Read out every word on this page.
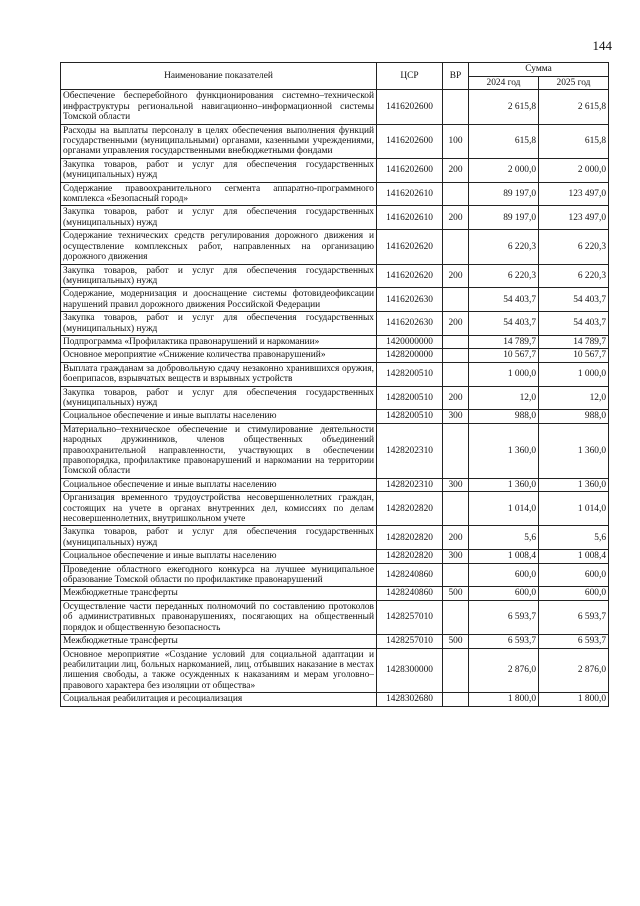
144
Наименование показателей	ЦСР	ВР	Сумма	
			2024 год	2025 год
Обеспечение бесперебойного функционирования системно–технической инфраструктуры региональной навигационно–информационной системы Томской области	1416202600		2 615,8	2 615,8
Расходы на выплаты персоналу в целях обеспечения выполнения функций государственными (муниципальными) органами, казенными учреждениями, органами управления государственными внебюджетными фондами	1416202600	100	615,8	615,8
Закупка товаров, работ и услуг для обеспечения государственных (муниципальных) нужд	1416202600	200	2 000,0	2 000,0
Содержание правоохранительного сегмента аппаратно-программного комплекса «Безопасный город»	1416202610		89 197,0	123 497,0
Закупка товаров, работ и услуг для обеспечения государственных (муниципальных) нужд	1416202610	200	89 197,0	123 497,0
Содержание технических средств регулирования дорожного движения и осуществление комплексных работ, направленных на организацию дорожного движения	1416202620		6 220,3	6 220,3
Закупка товаров, работ и услуг для обеспечения государственных (муниципальных) нужд	1416202620	200	6 220,3	6 220,3
Содержание, модернизация и дооснащение системы фотовидеофиксации нарушений правил дорожного движения Российской Федерации	1416202630		54 403,7	54 403,7
Закупка товаров, работ и услуг для обеспечения государственных (муниципальных) нужд	1416202630	200	54 403,7	54 403,7
Подпрограмма «Профилактика правонарушений и наркомании»	1420000000		14 789,7	14 789,7
Основное мероприятие «Снижение количества правонарушений»	1428200000		10 567,7	10 567,7
Выплата гражданам за добровольную сдачу незаконно хранившихся оружия, боеприпасов, взрывчатых веществ и взрывных устройств	1428200510		1 000,0	1 000,0
Закупка товаров, работ и услуг для обеспечения государственных (муниципальных) нужд	1428200510	200	12,0	12,0
Социальное обеспечение и иные выплаты населению	1428200510	300	988,0	988,0
Материально–техническое обеспечение и стимулирование деятельности народных дружинников, членов общественных объединений правоохранительной направленности, участвующих в обеспечении правопорядка, профилактике правонарушений и наркомании на территории Томской области	1428202310		1 360,0	1 360,0
Социальное обеспечение и иные выплаты населению	1428202310	300	1 360,0	1 360,0
Организация временного трудоустройства несовершеннолетних граждан, состоящих на учете в органах внутренних дел, комиссиях по делам несовершеннолетних, внутришкольном учете	1428202820		1 014,0	1 014,0
Закупка товаров, работ и услуг для обеспечения государственных (муниципальных) нужд	1428202820	200	5,6	5,6
Социальное обеспечение и иные выплаты населению	1428202820	300	1 008,4	1 008,4
Проведение областного ежегодного конкурса на лучшее муниципальное образование Томской области по профилактике правонарушений	1428240860		600,0	600,0
Межбюджетные трансферты	1428240860	500	600,0	600,0
Осуществление части переданных полномочий по составлению протоколов об административных правонарушениях, посягающих на общественный порядок и общественную безопасность	1428257010		6 593,7	6 593,7
Межбюджетные трансферты	1428257010	500	6 593,7	6 593,7
Основное мероприятие «Создание условий для социальной адаптации и реабилитации лиц, больных наркоманией, лиц, отбывших наказание в местах лишения свободы, а также осужденных к наказаниям и мерам уголовно–правового характера без изоляции от общества»	1428300000		2 876,0	2 876,0
Социальная реабилитация и ресоциализация	1428302680		1 800,0	1 800,0
